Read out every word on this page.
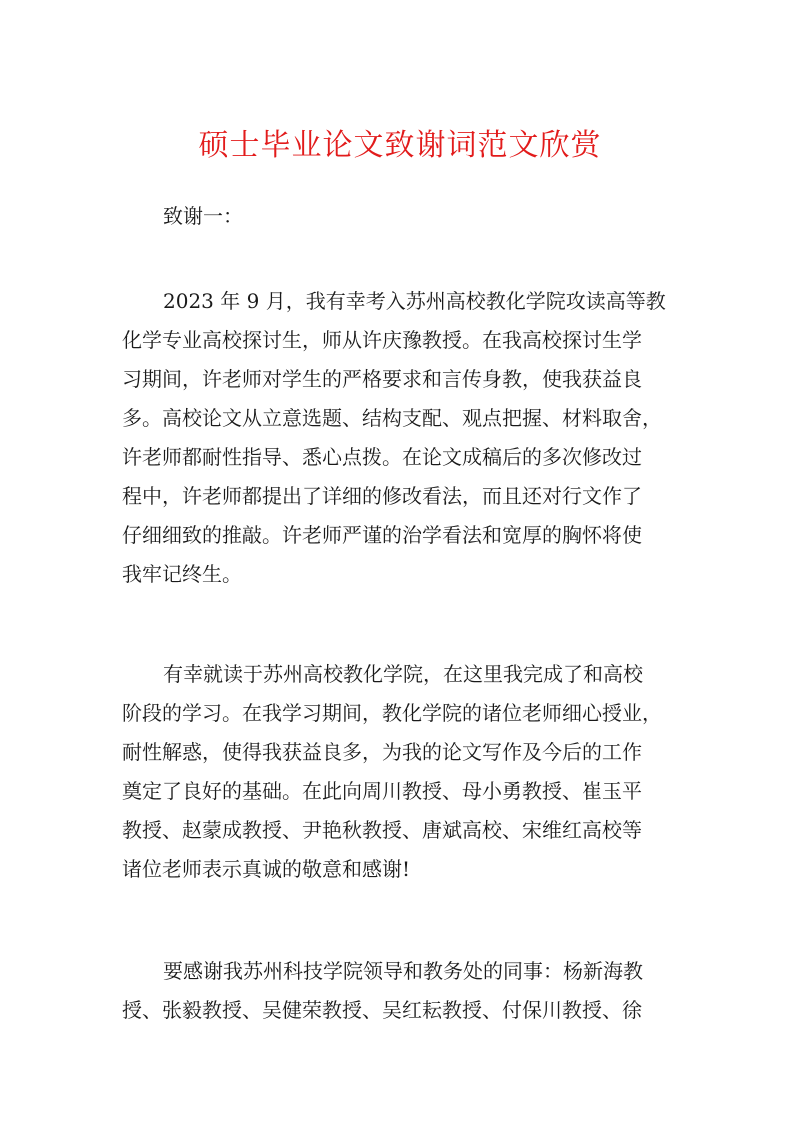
硕士毕业论文致谢词范文欣赏
致谢一：
2023 年 9 月，我有幸考入苏州高校教化学院攻读高等教
化学专业高校探讨生，师从许庆豫教授。在我高校探讨生学
习期间，许老师对学生的严格要求和言传身教，使我获益良
多。高校论文从立意选题、结构支配、观点把握、材料取舍，
许老师都耐性指导、悉心点拨。在论文成稿后的多次修改过
程中，许老师都提出了详细的修改看法，而且还对行文作了
仔细细致的推敲。许老师严谨的治学看法和宽厚的胸怀将使
我牢记终生。
有幸就读于苏州高校教化学院，在这里我完成了和高校
阶段的学习。在我学习期间，教化学院的诸位老师细心授业，
耐性解惑，使得我获益良多，为我的论文写作及今后的工作
奠定了良好的基础。在此向周川教授、母小勇教授、崔玉平
教授、赵蒙成教授、尹艳秋教授、唐斌高校、宋维红高校等
诸位老师表示真诚的敬意和感谢!
要感谢我苏州科技学院领导和教务处的同事：杨新海教
授、张毅教授、吴健荣教授、吴红耘教授、付保川教授、徐
